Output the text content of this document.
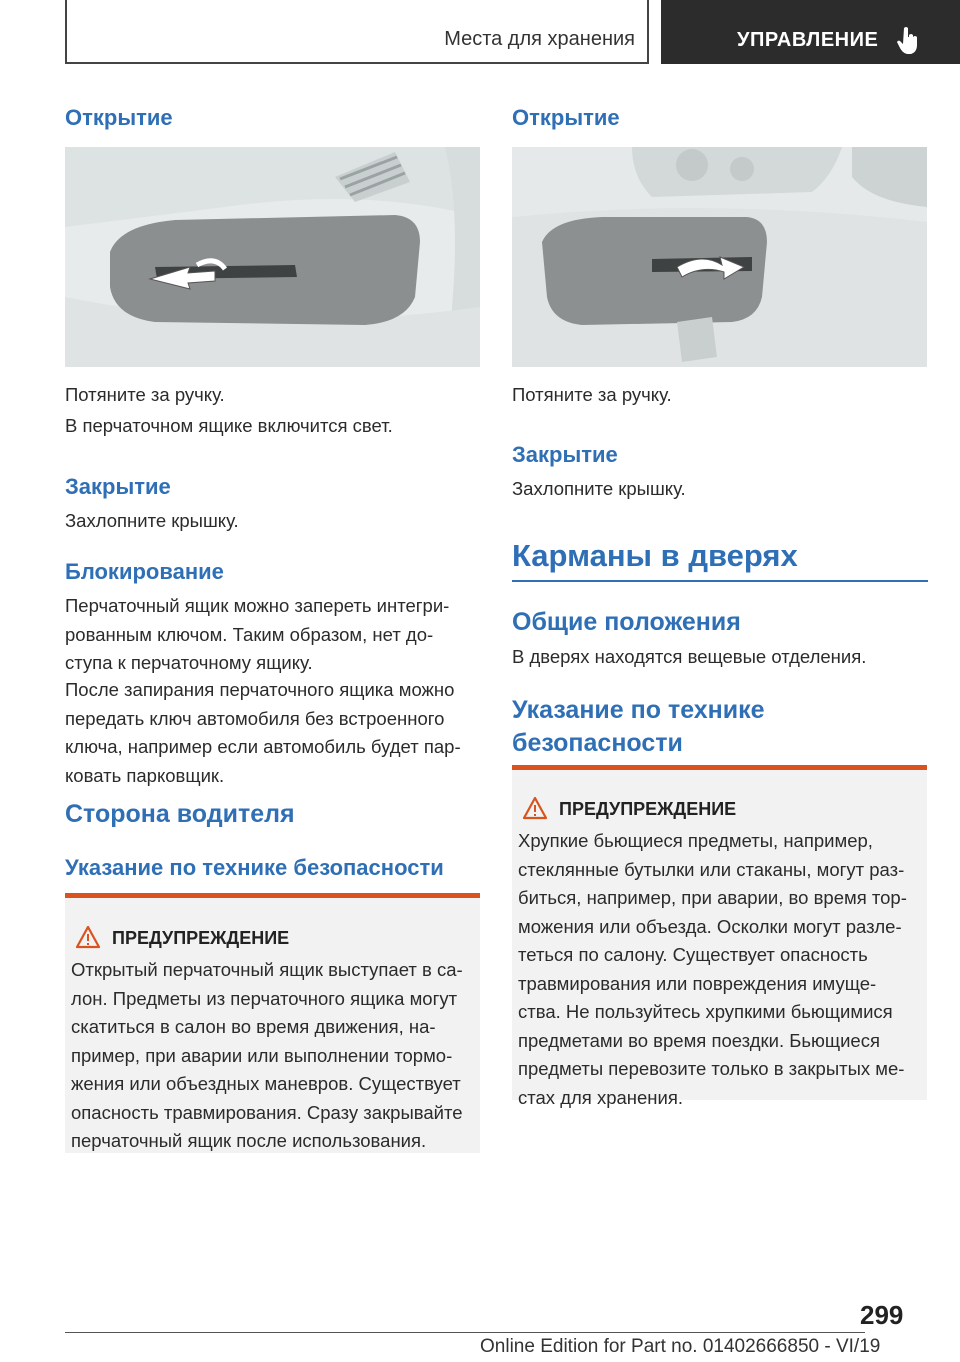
Места для хранения	УПРАВЛЕНИЕ
Открытие
Потяните за ручку.
В перчаточном ящике включится свет.
Закрытие
Захлопните крышку.
Блокирование
Перчаточный ящик можно запереть интегри-
рованным ключом. Таким образом, нет до-
ступа к перчаточному ящику.
После запирания перчаточного ящика можно
передать ключ автомобиля без встроенного
ключа, например если автомобиль будет пар-
ковать парковщик.
Сторона водителя
Указание по технике безопасности
ПРЕДУПРЕЖДЕНИЕ
Открытый перчаточный ящик выступает в са-
лон. Предметы из перчаточного ящика могут
скатиться в салон во время движения, на-
пример, при аварии или выполнении тормо-
жения или объездных маневров. Существует
опасность травмирования. Сразу закрывайте
перчаточный ящик после использования.
Открытие
Потяните за ручку.
Закрытие
Захлопните крышку.
Карманы в дверях
Общие положения
В дверях находятся вещевые отделения.
Указание по технике
безопасности
ПРЕДУПРЕЖДЕНИЕ
Хрупкие бьющиеся предметы, например,
стеклянные бутылки или стаканы, могут раз-
биться, например, при аварии, во время тор-
можения или объезда. Осколки могут разле-
теться по салону. Существует опасность
травмирования или повреждения имуще-
ства. Не пользуйтесь хрупкими бьющимися
предметами во время поездки. Бьющиеся
предметы перевозите только в закрытых ме-
стах для хранения.
299
Online Edition for Part no. 01402666850 - VI/19
